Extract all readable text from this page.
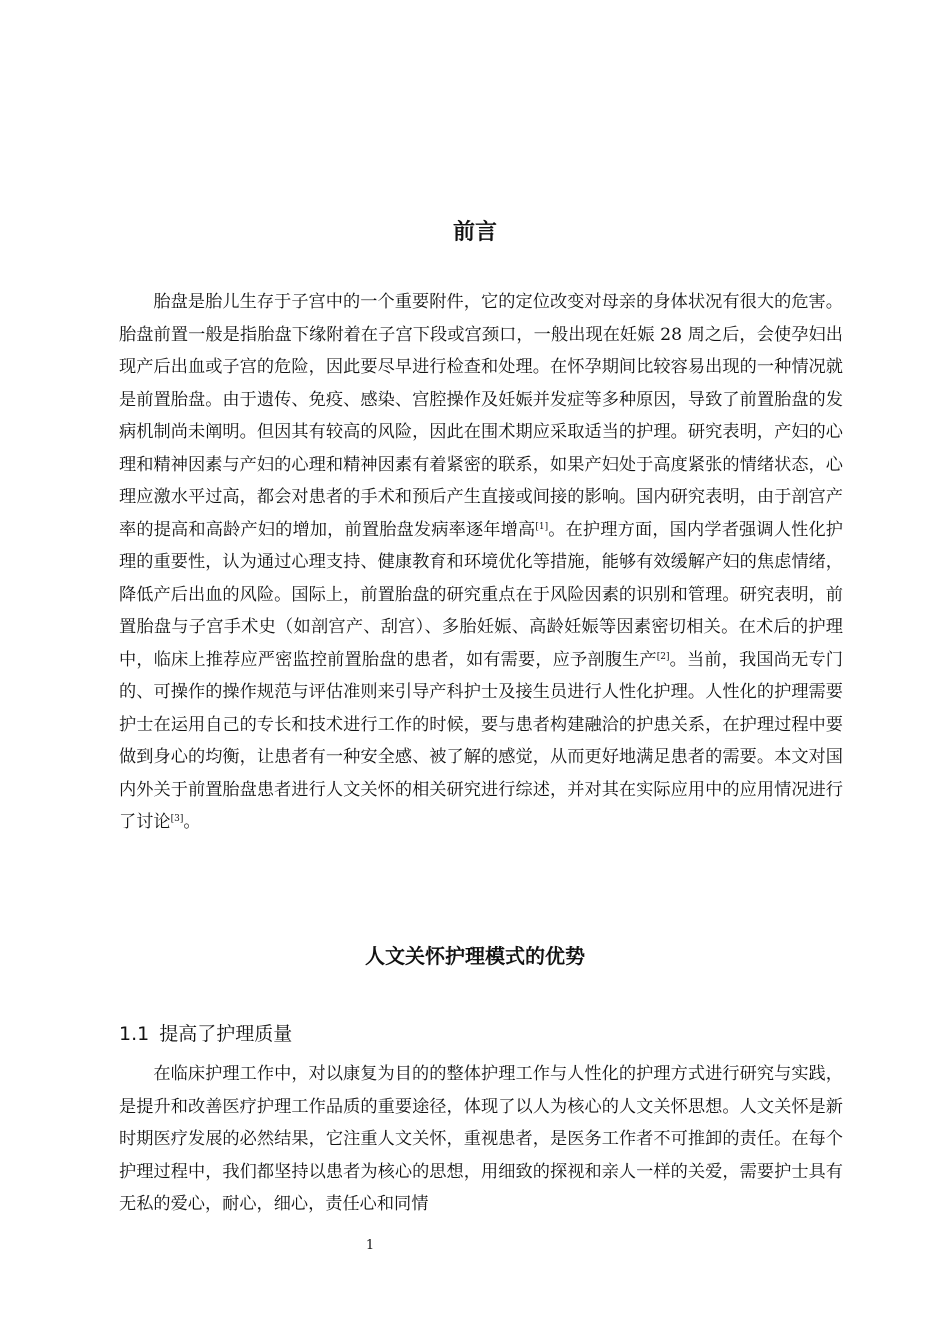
前言
胎盘是胎儿生存于子宫中的一个重要附件，它的定位改变对母亲的身体状况有很大的危害。胎盘前置一般是指胎盘下缘附着在子宫下段或宫颈口，一般出现在妊娠 28 周之后，会使孕妇出现产后出血或子宫的危险，因此要尽早进行检查和处理。在怀孕期间比较容易出现的一种情况就是前置胎盘。由于遗传、免疫、感染、宫腔操作及妊娠并发症等多种原因，导致了前置胎盘的发病机制尚未阐明。但因其有较高的风险，因此在围术期应采取适当的护理。研究表明，产妇的心理和精神因素与产妇的心理和精神因素有着紧密的联系，如果产妇处于高度紧张的情绪状态，心理应激水平过高，都会对患者的手术和预后产生直接或间接的影响。国内研究表明，由于剖宫产率的提高和高龄产妇的增加，前置胎盘发病率逐年增高[1]。在护理方面，国内学者强调人性化护理的重要性，认为通过心理支持、健康教育和环境优化等措施，能够有效缓解产妇的焦虑情绪，降低产后出血的风险。国际上，前置胎盘的研究重点在于风险因素的识别和管理。研究表明，前置胎盘与子宫手术史（如剖宫产、刮宫）、多胎妊娠、高龄妊娠等因素密切相关。在术后的护理中，临床上推荐应严密监控前置胎盘的患者，如有需要，应予剖腹生产[2]。当前，我国尚无专门的、可操作的操作规范与评估准则来引导产科护士及接生员进行人性化护理。人性化的护理需要护士在运用自己的专长和技术进行工作的时候，要与患者构建融洽的护患关系，在护理过程中要做到身心的均衡，让患者有一种安全感、被了解的感觉，从而更好地满足患者的需要。本文对国内外关于前置胎盘患者进行人文关怀的相关研究进行综述，并对其在实际应用中的应用情况进行了讨论[3]。
人文关怀护理模式的优势
1.1 提高了护理质量
在临床护理工作中，对以康复为目的的整体护理工作与人性化的护理方式进行研究与实践，是提升和改善医疗护理工作品质的重要途径，体现了以人为核心的人文关怀思想。人文关怀是新时期医疗发展的必然结果，它注重人文关怀，重视患者，是医务工作者不可推卸的责任。在每个护理过程中，我们都坚持以患者为核心的思想，用细致的探视和亲人一样的关爱，需要护士具有无私的爱心，耐心，细心，责任心和同情
1
